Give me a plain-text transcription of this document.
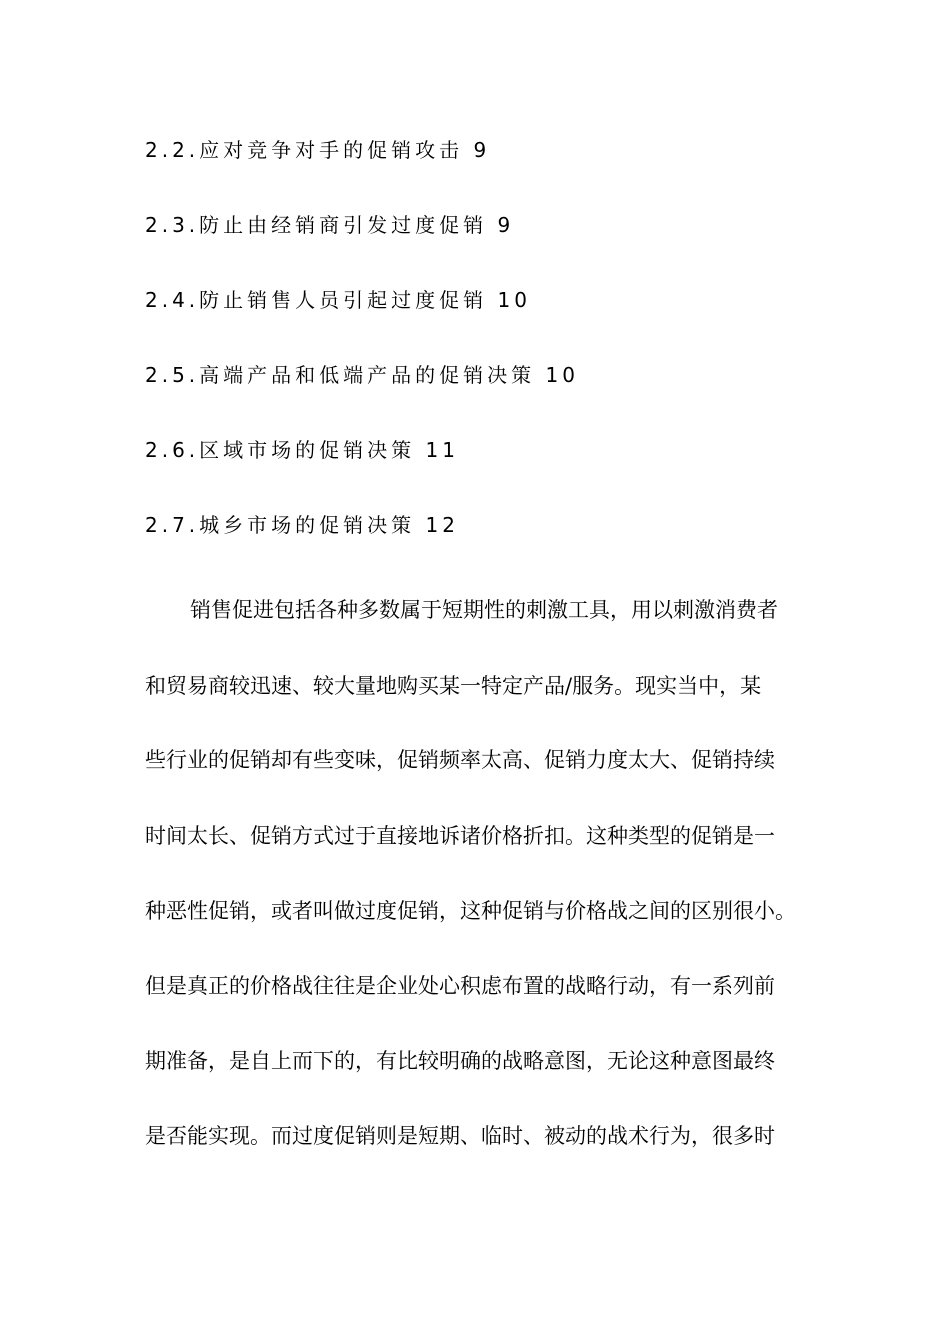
2.2.应对竞争对手的促销攻击 9
2.3.防止由经销商引发过度促销 9
2.4.防止销售人员引起过度促销 10
2.5.高端产品和低端产品的促销决策 10
2.6.区域市场的促销决策 11
2.7.城乡市场的促销决策 12
销售促进包括各种多数属于短期性的刺激工具，用以刺激消费者
和贸易商较迅速、较大量地购买某一特定产品/服务。现实当中，某
些行业的促销却有些变味，促销频率太高、促销力度太大、促销持续
时间太长、促销方式过于直接地诉诸价格折扣。这种类型的促销是一
种恶性促销，或者叫做过度促销，这种促销与价格战之间的区别很小。
但是真正的价格战往往是企业处心积虑布置的战略行动，有一系列前
期准备，是自上而下的，有比较明确的战略意图，无论这种意图最终
是否能实现。而过度促销则是短期、临时、被动的战术行为，很多时
